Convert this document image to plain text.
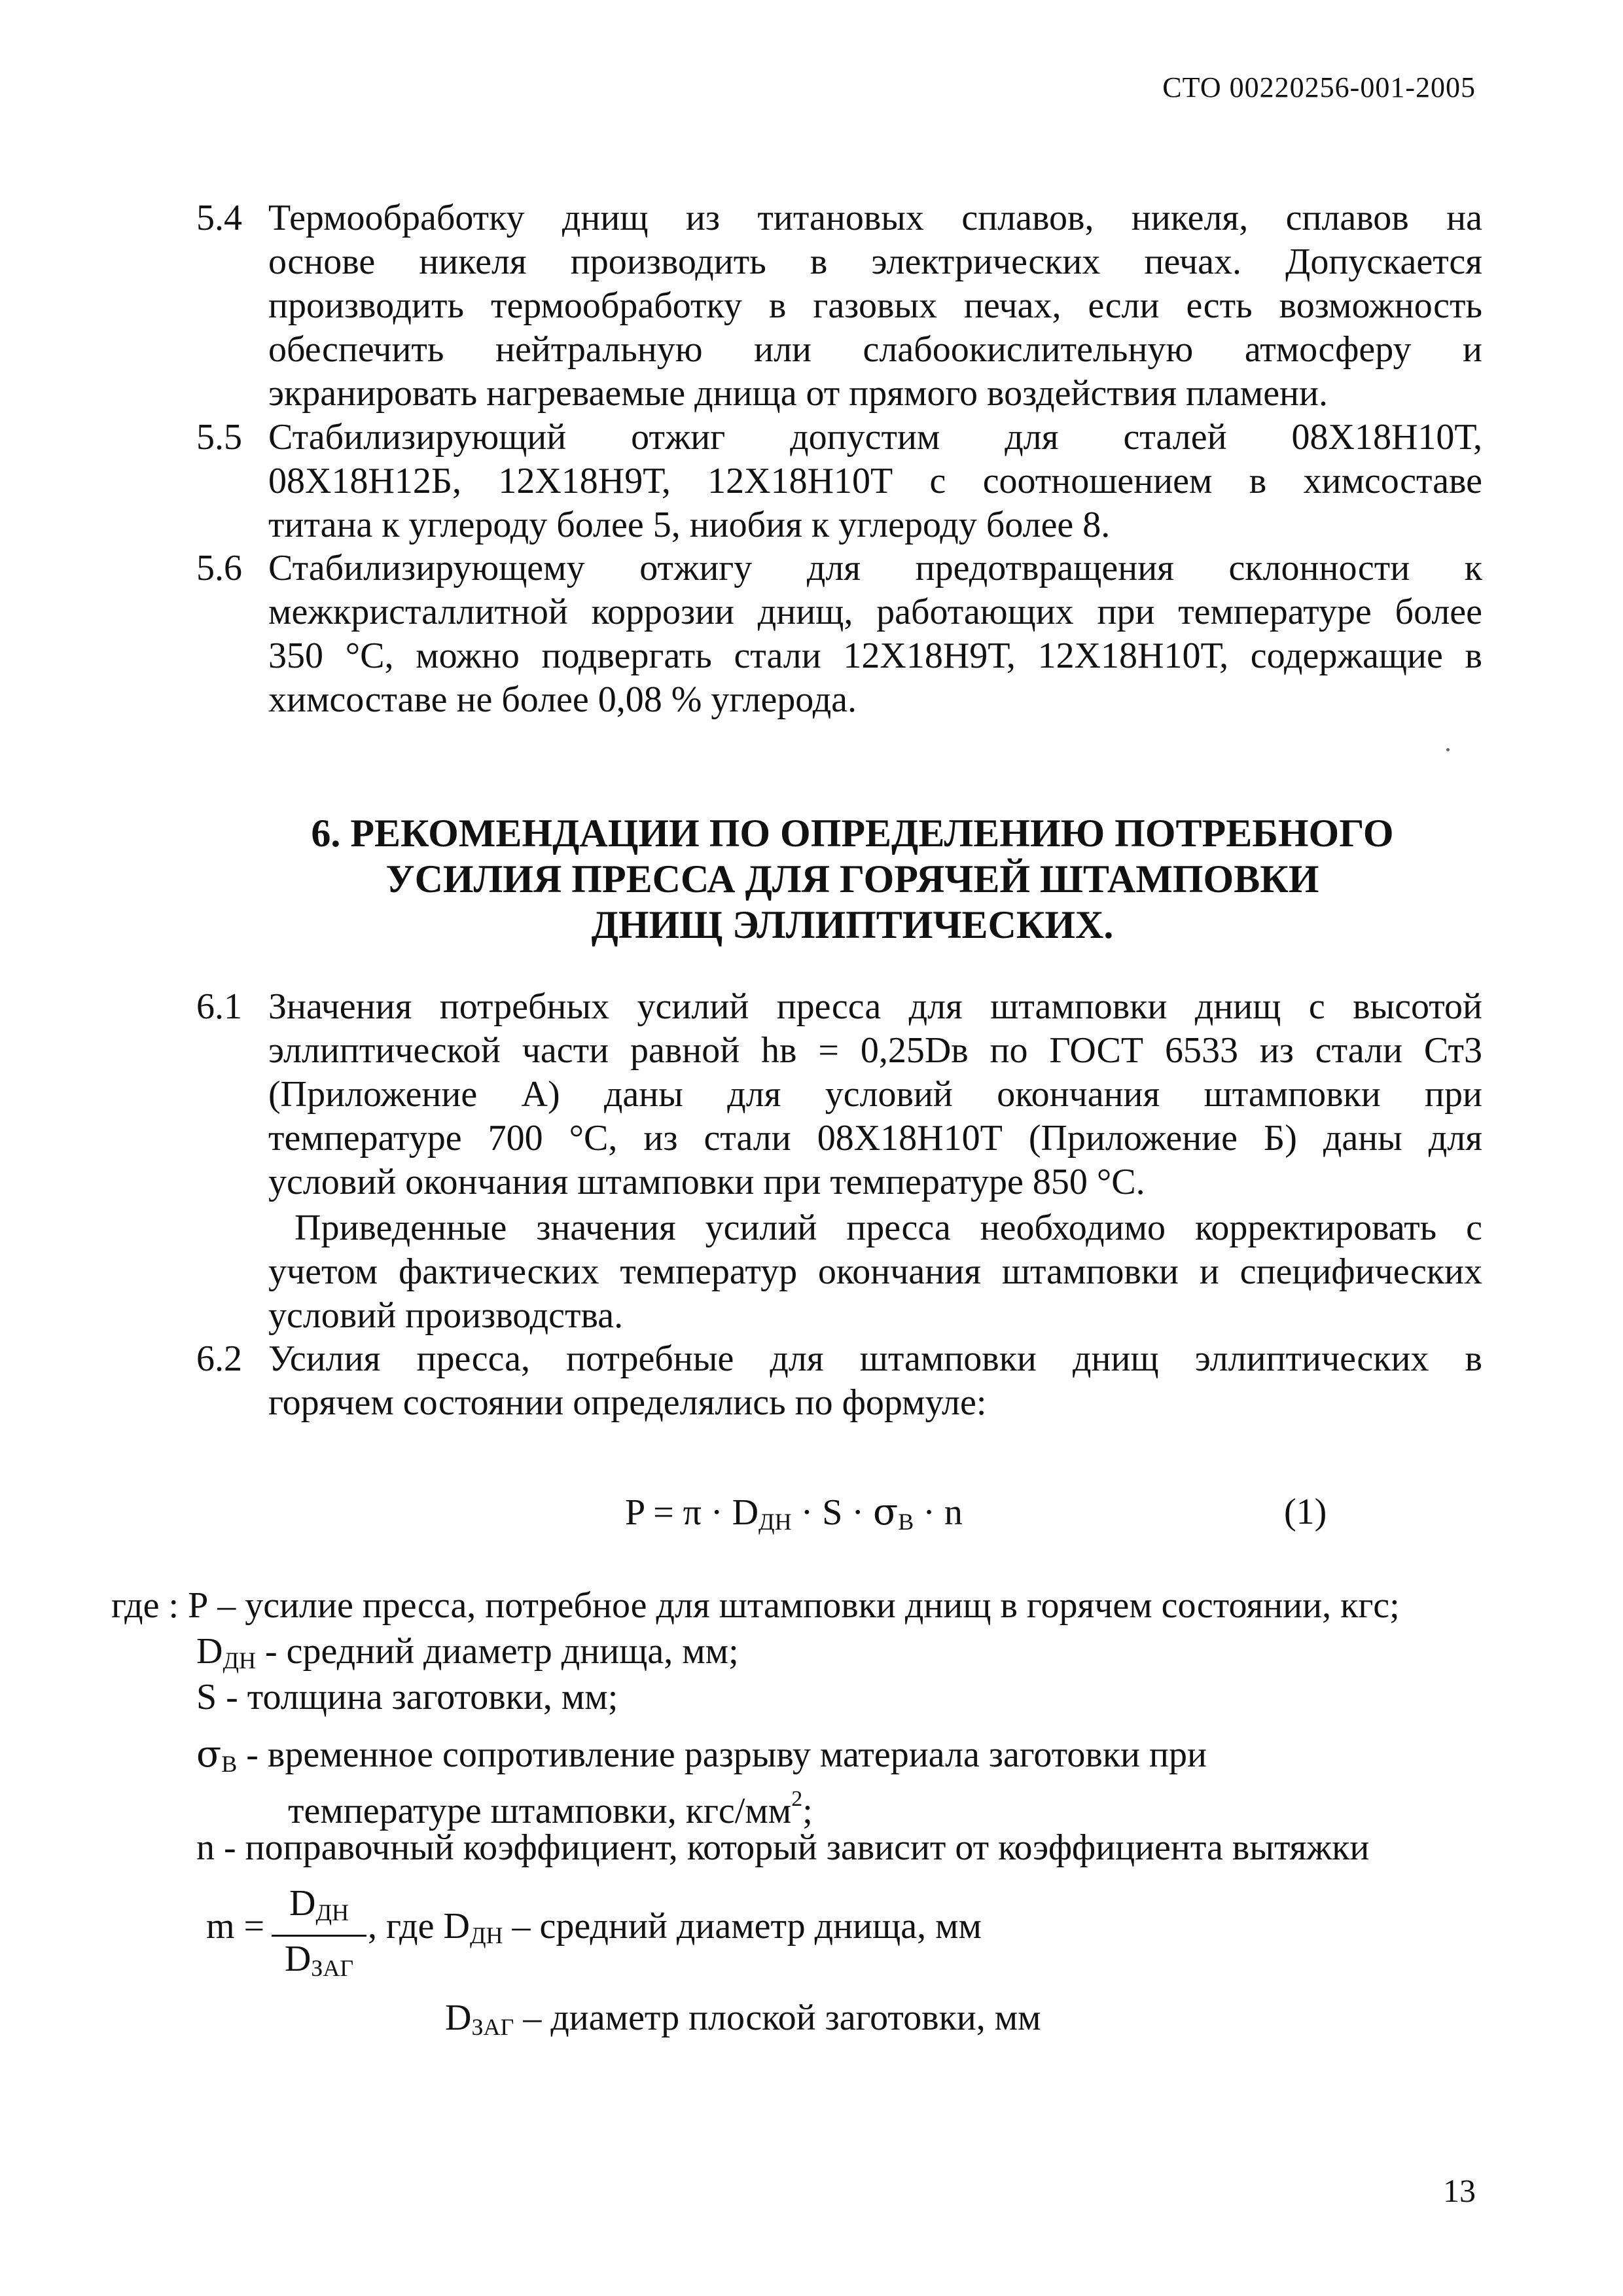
СТО 00220256-001-2005
5.4 Термообработку днищ из титановых сплавов, никеля, сплавов на
основе никеля производить в электрических печах. Допускается
производить термообработку в газовых печах, если есть возможность
обеспечить нейтральную или слабоокислительную атмосферу и
экранировать нагреваемые днища от прямого воздействия пламени.
5.5 Стабилизирующий отжиг допустим для сталей 08Х18Н10Т,
08Х18Н12Б, 12Х18Н9Т, 12Х18Н10Т с соотношением в химсоставе
титана к углероду более 5, ниобия к углероду более 8.
5.6 Стабилизирующему отжигу для предотвращения склонности к
межкристаллитной коррозии днищ, работающих при температуре более
350 °С, можно подвергать стали 12Х18Н9Т, 12Х18Н10Т, содержащие в
химсоставе не более 0,08 % углерода.
6. РЕКОМЕНДАЦИИ ПО ОПРЕДЕЛЕНИЮ ПОТРЕБНОГО
УСИЛИЯ ПРЕССА ДЛЯ ГОРЯЧЕЙ ШТАМПОВКИ
ДНИЩ ЭЛЛИПТИЧЕСКИХ.
6.1 Значения потребных усилий пресса для штамповки днищ с высотой
эллиптической части равной hв = 0,25Dв по ГОСТ 6533 из стали Ст3
(Приложение А) даны для условий окончания штамповки при
температуре 700 °С, из стали 08Х18Н10Т (Приложение Б) даны для
условий окончания штамповки при температуре 850 °С.
Приведенные значения усилий пресса необходимо корректировать с
учетом фактических температур окончания штамповки и специфических
условий производства.
6.2 Усилия пресса, потребные для штамповки днищ эллиптических в
горячем состоянии определялись по формуле:
$P = \pi \cdot D_{ДН} \cdot S \cdot \sigma_В \cdot n$	(1)
где : Р – усилие пресса, потребное для штамповки днищ в горячем состоянии, кгс;
$D_{ДН}$ - средний диаметр днища, мм;
S - толщина заготовки, мм;
$\sigma_В$ - временное сопротивление разрыву материала заготовки при
температуре штамповки, кгс/$мм^2$;
n - поправочный коэффициент, который зависит от коэффициента вытяжки
m =
$D_{ДН}$
$D_{ЗАГ}$
, где $D_{ДН}$ – средний диаметр днища, мм
$D_{ЗАГ}$ – диаметр плоской заготовки, мм
13
